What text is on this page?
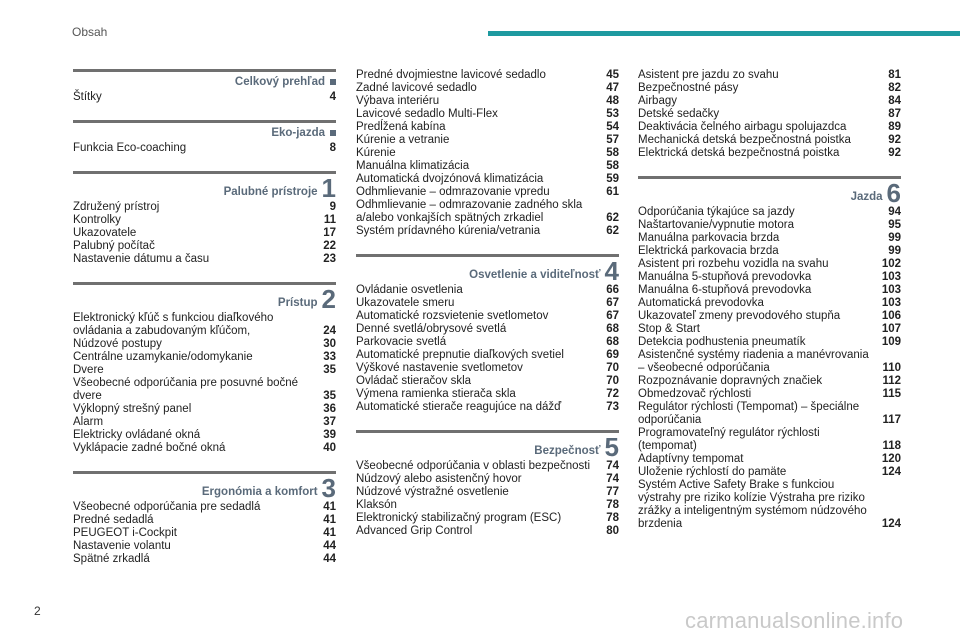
Obsah
Celkový prehľad
Štítky	4
Eko-jazda
Funkcia Eco-coaching	8
Palubné prístroje 1
Združený prístroj	9
Kontrolky	11
Ukazovatele	17
Palubný počítač	22
Nastavenie dátumu a času	23
Prístup 2
Elektronický kľúč s funkciou diaľkového ovládania a zabudovaným kľúčom,	24
Núdzové postupy	30
Centrálne uzamykanie/odomykanie	33
Dvere	35
Všeobecné odporúčania pre posuvné bočné dvere	35
Výklopný strešný panel	36
Alarm	37
Elektricky ovládané okná	39
Vyklápacie zadné bočné okná	40
Ergonómia a komfort 3
Všeobecné odporúčania pre sedadlá	41
Predné sedadlá	41
PEUGEOT i-Cockpit	41
Nastavenie volantu	44
Spätné zrkadlá	44
Predné dvojmiestne lavicové sedadlo	45
Zadné lavicové sedadlo	47
Výbava interiéru	48
Lavicové sedadlo Multi-Flex	53
Predĺžená kabína	54
Kúrenie a vetranie	57
Kúrenie	58
Manuálna klimatizácia	58
Automatická dvojzónová klimatizácia	59
Odhmlievanie – odmrazovanie vpredu	61
Odhmlievanie – odmrazovanie zadného skla a/alebo vonkajších spätných zrkadiel	62
Systém prídavného kúrenia/vetrania	62
Osvetlenie a viditeľnosť 4
Ovládanie osvetlenia	66
Ukazovatele smeru	67
Automatické rozsvietenie svetlometov	67
Denné svetlá/obrysové svetlá	68
Parkovacie svetlá	68
Automatické prepnutie diaľkových svetiel	69
Výškové nastavenie svetlometov	70
Ovládač stieračov skla	70
Výmena ramienka stierača skla	72
Automatické stierače reagujúce na dážď	73
Bezpečnosť 5
Všeobecné odporúčania v oblasti bezpečnosti	74
Núdzový alebo asistenčný hovor	74
Núdzové výstražné osvetlenie	77
Klaksón	78
Elektronický stabilizačný program (ESC)	78
Advanced Grip Control	80
Asistent pre jazdu zo svahu	81
Bezpečnostné pásy	82
Airbagy	84
Detské sedačky	87
Deaktivácia čelného airbagu spolujazdca	89
Mechanická detská bezpečnostná poistka	92
Elektrická detská bezpečnostná poistka	92
Jazda 6
Odporúčania týkajúce sa jazdy	94
Naštartovanie/vypnutie motora	95
Manuálna parkovacia brzda	99
Elektrická parkovacia brzda	99
Asistent pri rozbehu vozidla na svahu	102
Manuálna 5-stupňová prevodovka	103
Manuálna 6-stupňová prevodovka	103
Automatická prevodovka	103
Ukazovateľ zmeny prevodového stupňa	106
Stop & Start	107
Detekcia podhustenia pneumatík	109
Asistenčné systémy riadenia a manévrovania – všeobecné odporúčania	110
Rozpoznávanie dopravných značiek	112
Obmedzovač rýchlosti	115
Regulátor rýchlosti (Tempomat) – špeciálne odporúčania	117
Programovateľný regulátor rýchlosti (tempomat)	118
Adaptívny tempomat	120
Uloženie rýchlostí do pamäte	124
Systém Active Safety Brake s funkciou výstrahy pre riziko kolízie Výstraha pre riziko zrážky a inteligentným systémom núdzového brzdenia	124
2	carmanualsonline.info
